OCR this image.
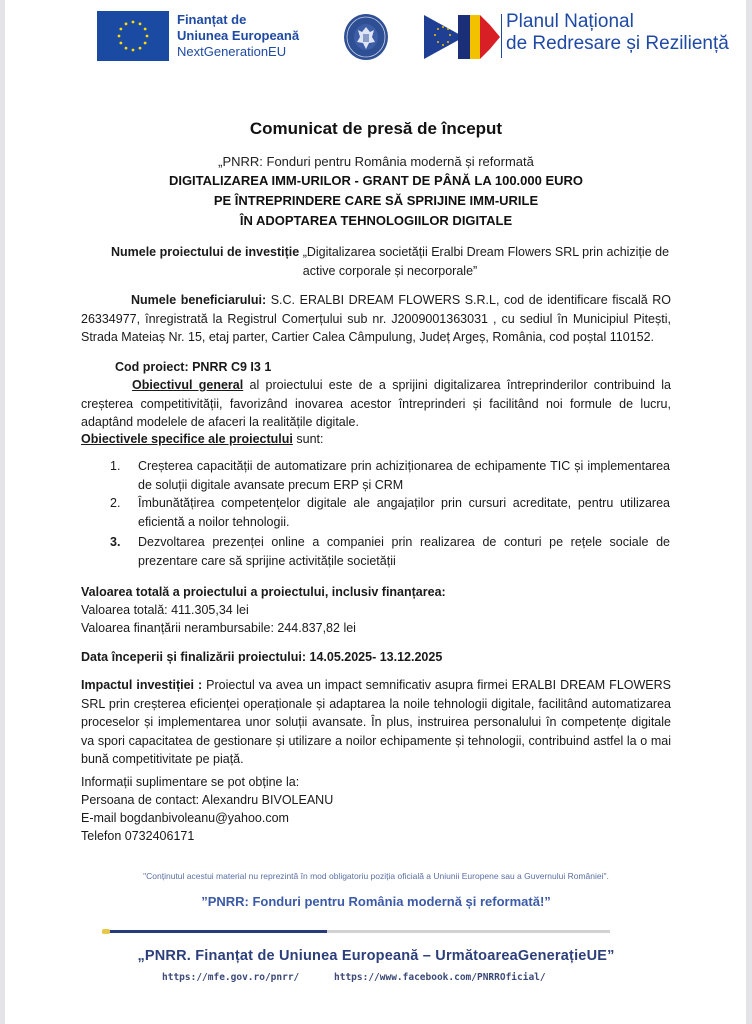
Finanțat de
Uniunea Europeană
NextGenerationEU
Planul Național
de Redresare și Reziliență
Comunicat de presă de început
„PNRR: Fonduri pentru România modernă și reformată
DIGITALIZAREA IMM-URILOR - GRANT DE PÂNĂ LA 100.000 EURO
PE ÎNTREPRINDERE CARE SĂ SPRIJINE IMM-URILE
ÎN ADOPTAREA TEHNOLOGIILOR DIGITALE
Numele proiectului de investiție „Digitalizarea societății Eralbi Dream Flowers SRL prin achiziție de active corporale și necorporale”
Numele beneficiarului: S.C. ERALBI DREAM FLOWERS S.R.L, cod de identificare fiscală RO 26334977, înregistrată la Registrul Comerțului sub nr. J2009001363031 , cu sediul în Municipiul Pitești, Strada Mateiaș Nr. 15, etaj parter, Cartier Calea Câmpulung, Județ Argeș, România, cod poștal 110152.
Cod proiect: PNRR C9 I3 1
Obiectivul general al proiectului este de a sprijini digitalizarea întreprinderilor contribuind la creșterea competitivității, favorizând inovarea acestor întreprinderi și facilitând noi formule de lucru, adaptând modelele de afaceri la realitățile digitale.
Obiectivele specifice ale proiectului sunt:
1. Creșterea capacității de automatizare prin achiziționarea de echipamente TIC și implementarea de soluții digitale avansate precum ERP și CRM
2. Îmbunătățirea competențelor digitale ale angajaților prin cursuri acreditate, pentru utilizarea eficientă a noilor tehnologii.
3. Dezvoltarea prezenței online a companiei prin realizarea de conturi pe rețele sociale de prezentare care să sprijine activitățile societății
Valoarea totală a proiectului a proiectului, inclusiv finanțarea:
Valoarea totală: 411.305,34 lei
Valoarea finanțării nerambursabile: 244.837,82 lei
Data începerii și finalizării proiectului: 14.05.2025- 13.12.2025
Impactul investiției : Proiectul va avea un impact semnificativ asupra firmei ERALBI DREAM FLOWERS SRL prin creșterea eficienței operaționale și adaptarea la noile tehnologii digitale, facilitând automatizarea proceselor și implementarea unor soluții avansate. În plus, instruirea personalului în competențe digitale va spori capacitatea de gestionare și utilizare a noilor echipamente și tehnologii, contribuind astfel la o mai bună competitivitate pe piață.
Informații suplimentare se pot obține la:
Persoana de contact: Alexandru BIVOLEANU
E-mail bogdanbivoleanu@yahoo.com
Telefon 0732406171
"Conținutul acestui material nu reprezintă în mod obligatoriu poziția oficială a Uniunii Europene sau a Guvernului României".
”PNRR: Fonduri pentru România modernă și reformată!”
„PNRR. Finanțat de Uniunea Europeană – UrmătoareaGenerațieUE”
https://mfe.gov.ro/pnrr/	https://www.facebook.com/PNRROficial/
